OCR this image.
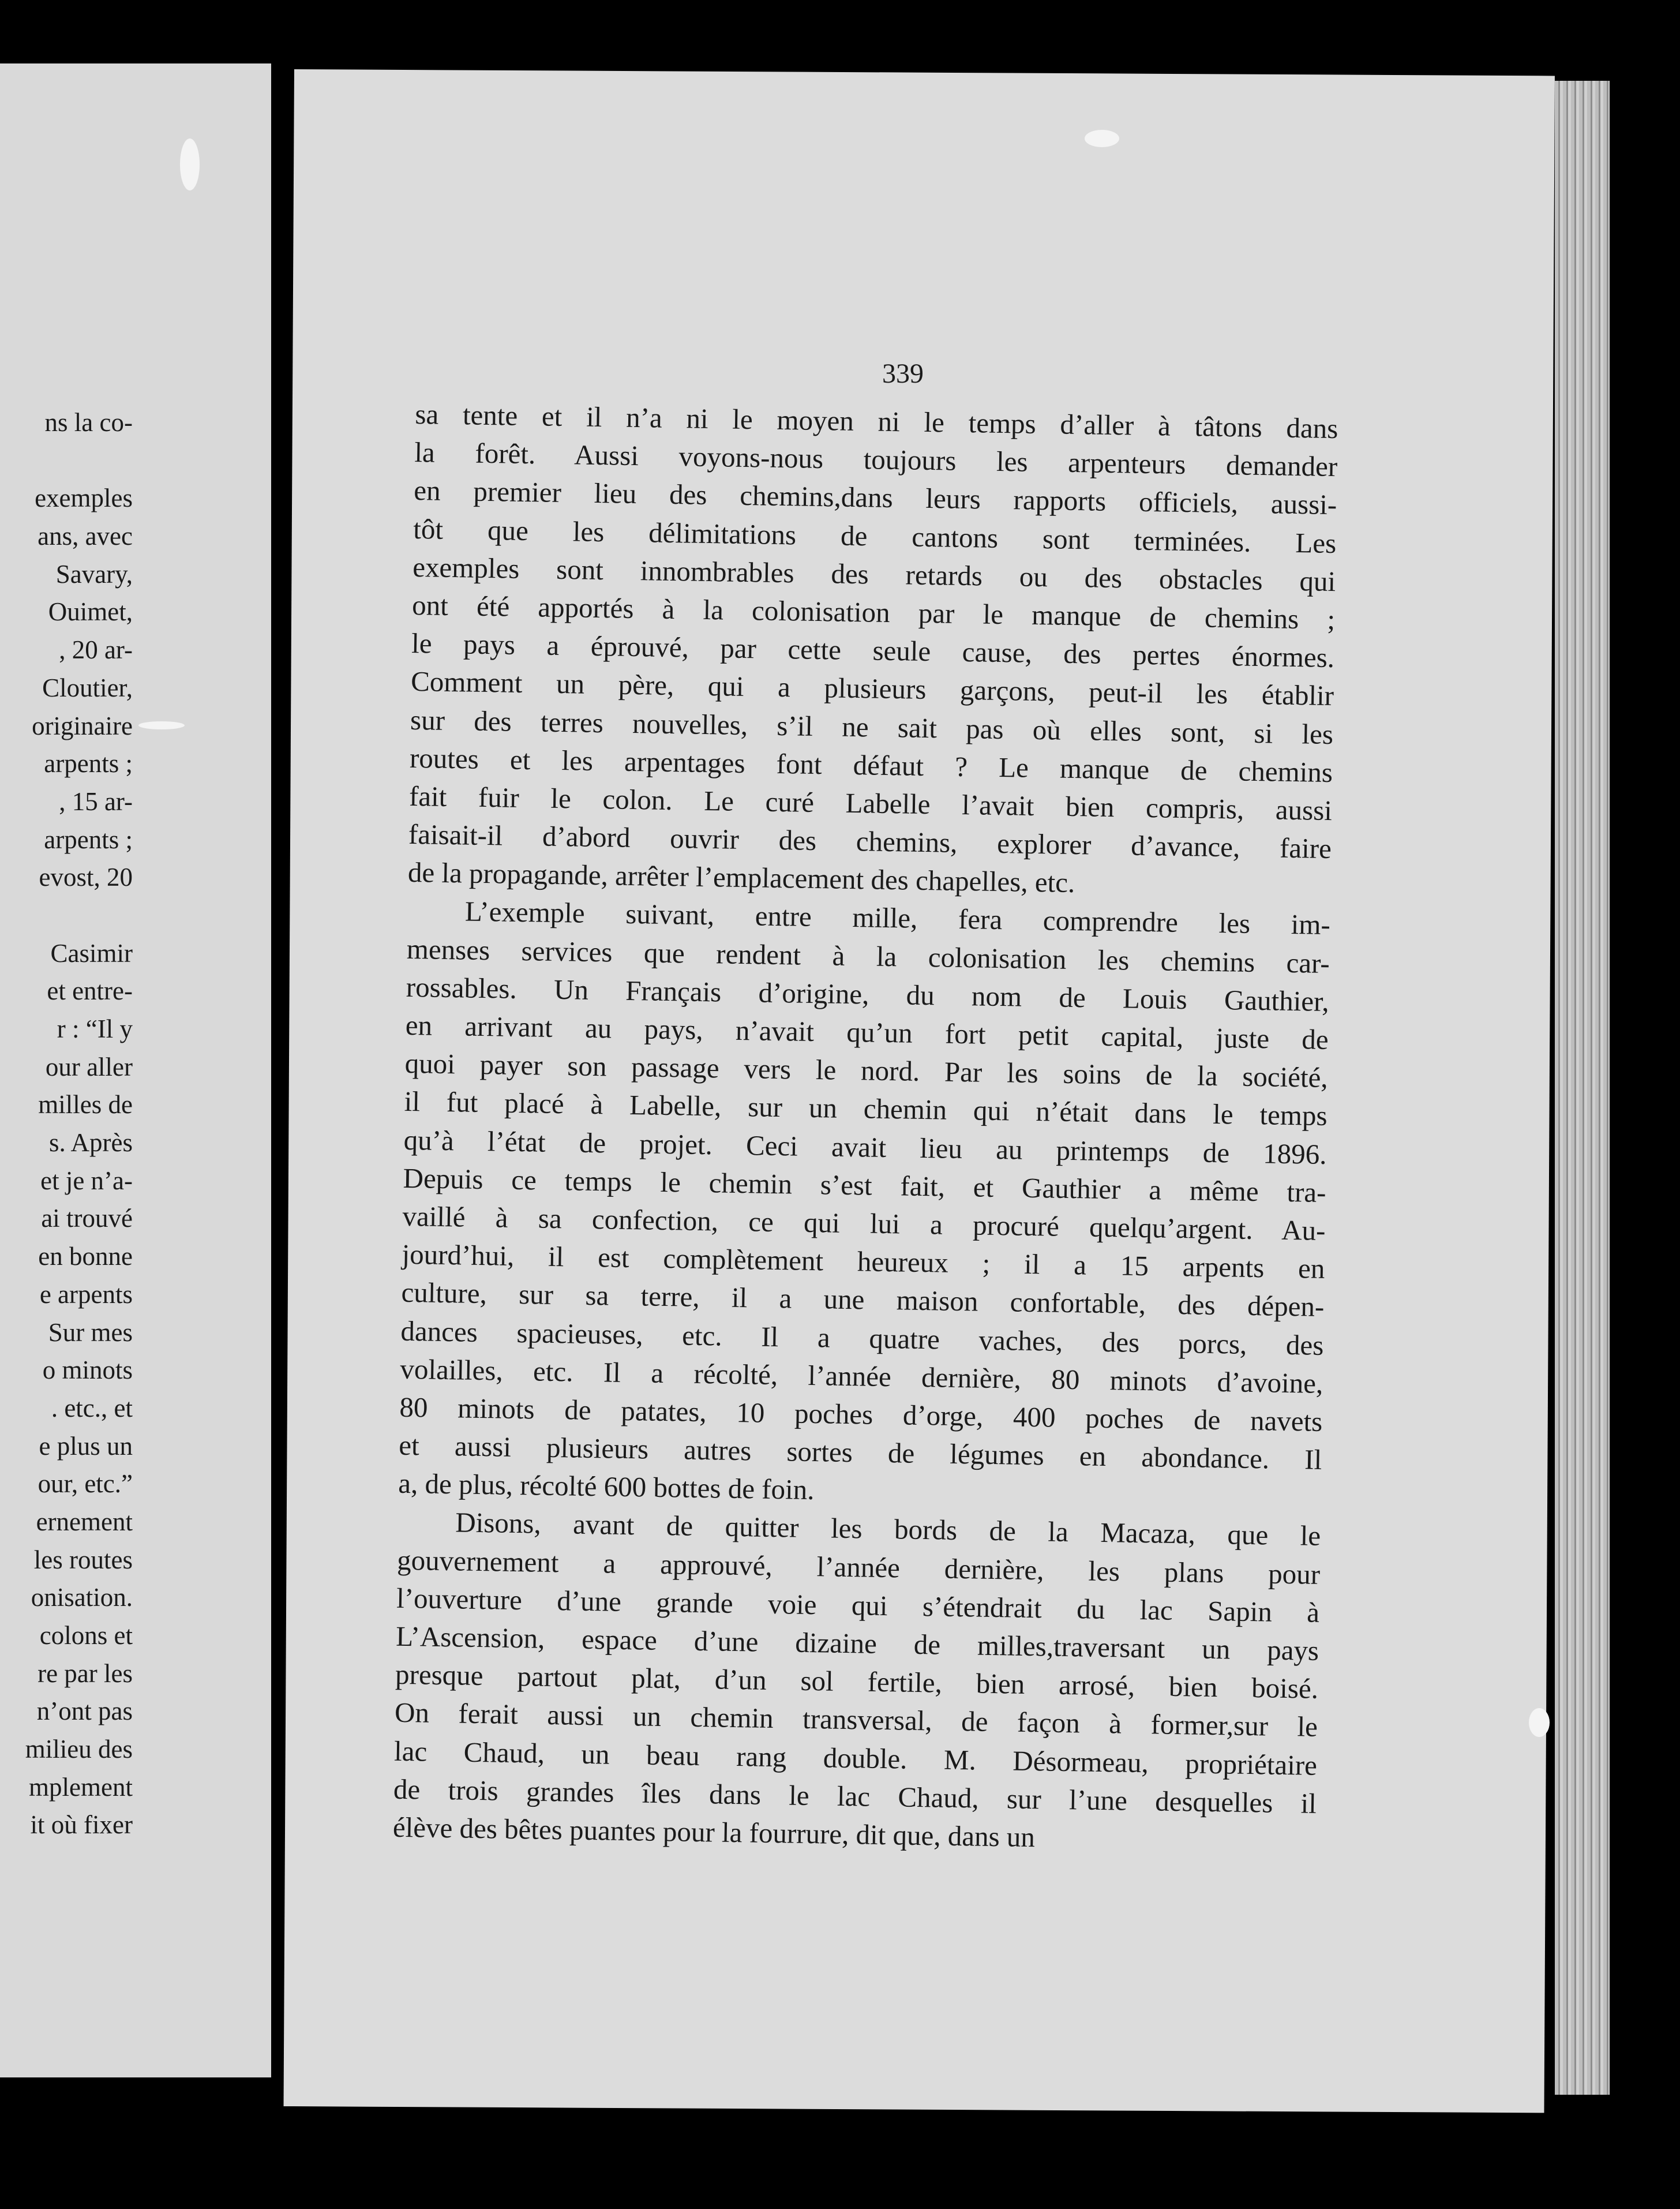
ns la co-
exemples
ans, avec
Savary,
Ouimet,
, 20 ar-
Cloutier,
originaire
arpents ;
, 15 ar-
arpents ;
evost, 20
Casimir
et entre-
r : “Il y
our aller
milles de
s. Après
et je n’a-
ai trouvé
en bonne
e arpents
Sur mes
o minots
. etc., et
e plus un
our, etc.”
ernement
les routes
onisation.
colons et
re par les
n’ont pas
milieu des
mplement
it où fixer
339
sa tente et il n’a ni le moyen ni le temps d’aller à tâtons dans
la forêt. Aussi voyons-nous toujours les arpenteurs demander
en premier lieu des chemins,dans leurs rapports officiels, aussi-
tôt que les délimitations de cantons sont terminées. Les
exemples sont innombrables des retards ou des obstacles qui
ont été apportés à la colonisation par le manque de chemins ;
le pays a éprouvé, par cette seule cause, des pertes énormes.
Comment un père, qui a plusieurs garçons, peut-il les établir
sur des terres nouvelles, s’il ne sait pas où elles sont, si les
routes et les arpentages font défaut ? Le manque de chemins
fait fuir le colon. Le curé Labelle l’avait bien compris, aussi
faisait-il d’abord ouvrir des chemins, explorer d’avance, faire
de la propagande, arrêter l’emplacement des chapelles, etc.
L’exemple suivant, entre mille, fera comprendre les im-
menses services que rendent à la colonisation les chemins car-
rossables. Un Français d’origine, du nom de Louis Gauthier,
en arrivant au pays, n’avait qu’un fort petit capital, juste de
quoi payer son passage vers le nord. Par les soins de la société,
il fut placé à Labelle, sur un chemin qui n’était dans le temps
qu’à l’état de projet. Ceci avait lieu au printemps de 1896.
Depuis ce temps le chemin s’est fait, et Gauthier a même tra-
vaillé à sa confection, ce qui lui a procuré quelqu’argent. Au-
jourd’hui, il est complètement heureux ; il a 15 arpents en
culture, sur sa terre, il a une maison confortable, des dépen-
dances spacieuses, etc. Il a quatre vaches, des porcs, des
volailles, etc. Il a récolté, l’année dernière, 80 minots d’avoine,
80 minots de patates, 10 poches d’orge, 400 poches de navets
et aussi plusieurs autres sortes de légumes en abondance. Il
a, de plus, récolté 600 bottes de foin.
Disons, avant de quitter les bords de la Macaza, que le
gouvernement a approuvé, l’année dernière, les plans pour
l’ouverture d’une grande voie qui s’étendrait du lac Sapin à
L’Ascension, espace d’une dizaine de milles,traversant un pays
presque partout plat, d’un sol fertile, bien arrosé, bien boisé.
On ferait aussi un chemin transversal, de façon à former,sur le
lac Chaud, un beau rang double. M. Désormeau, propriétaire
de trois grandes îles dans le lac Chaud, sur l’une desquelles il
élève des bêtes puantes pour la fourrure, dit que, dans un
